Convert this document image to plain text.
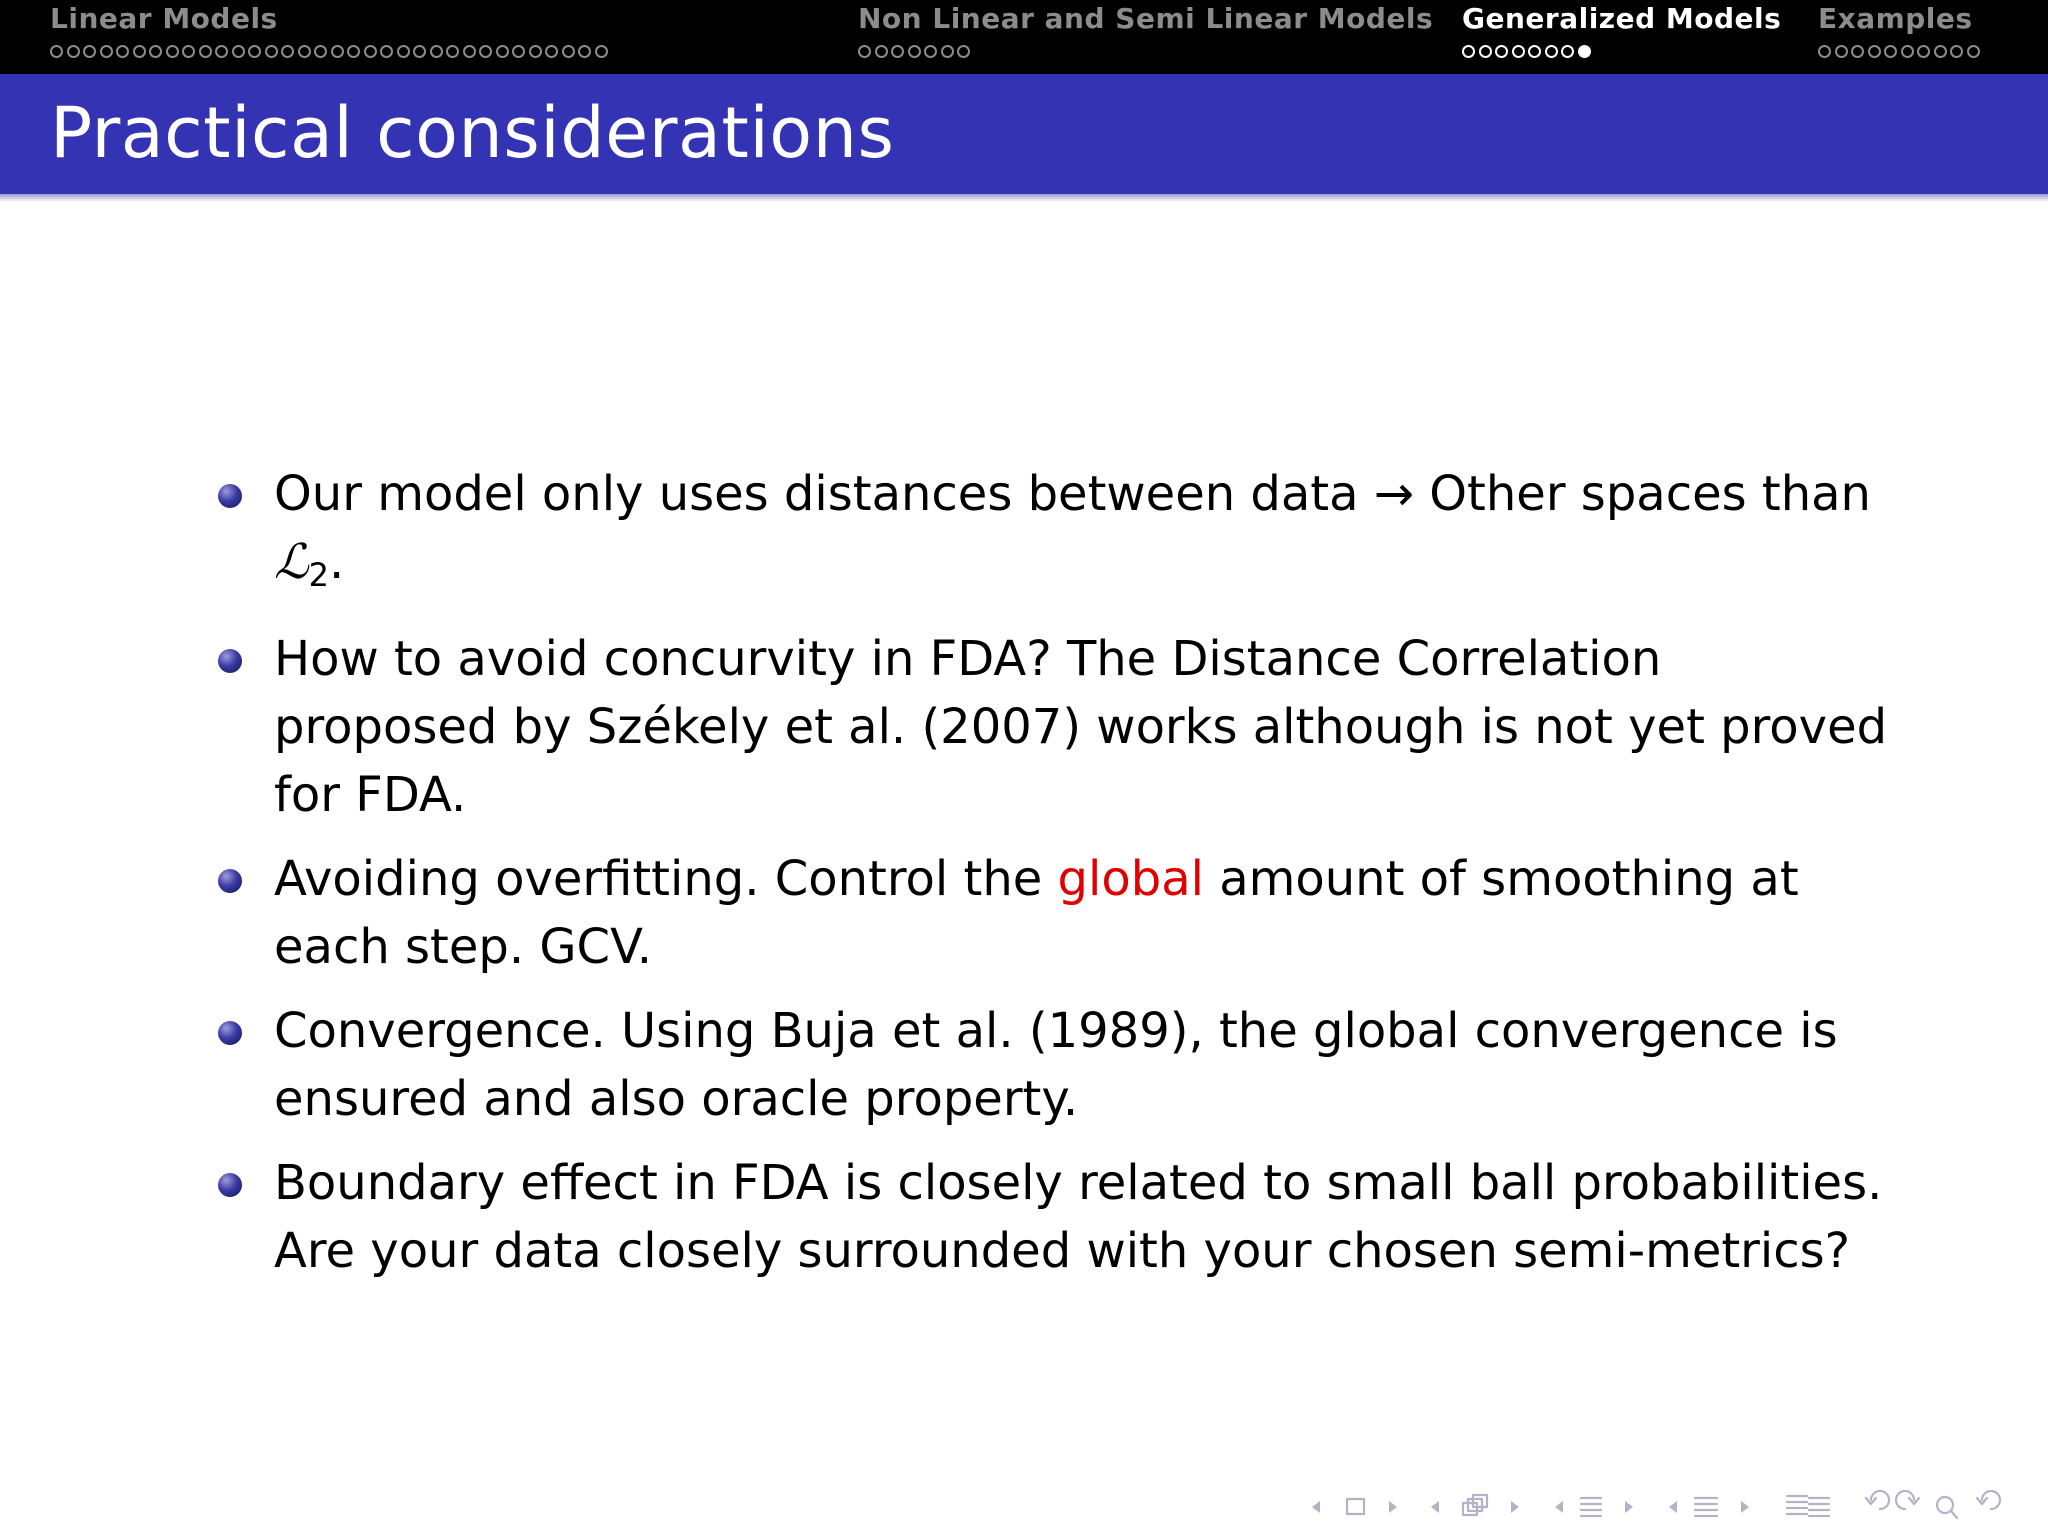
Linear Models	Non Linear and Semi Linear Models Generalized Models Examples
Practical considerations
Our model only uses distances between data → Other spaces than ℒ2.
How to avoid concurvity in FDA? The Distance Correlation proposed by Székely et al. (2007) works although is not yet proved for FDA.
Avoiding overfitting. Control the global amount of smoothing at each step. GCV.
Convergence. Using Buja et al. (1989), the global convergence is ensured and also oracle property.
Boundary effect in FDA is closely related to small ball probabilities. Are your data closely surrounded with your chosen semi-metrics?
